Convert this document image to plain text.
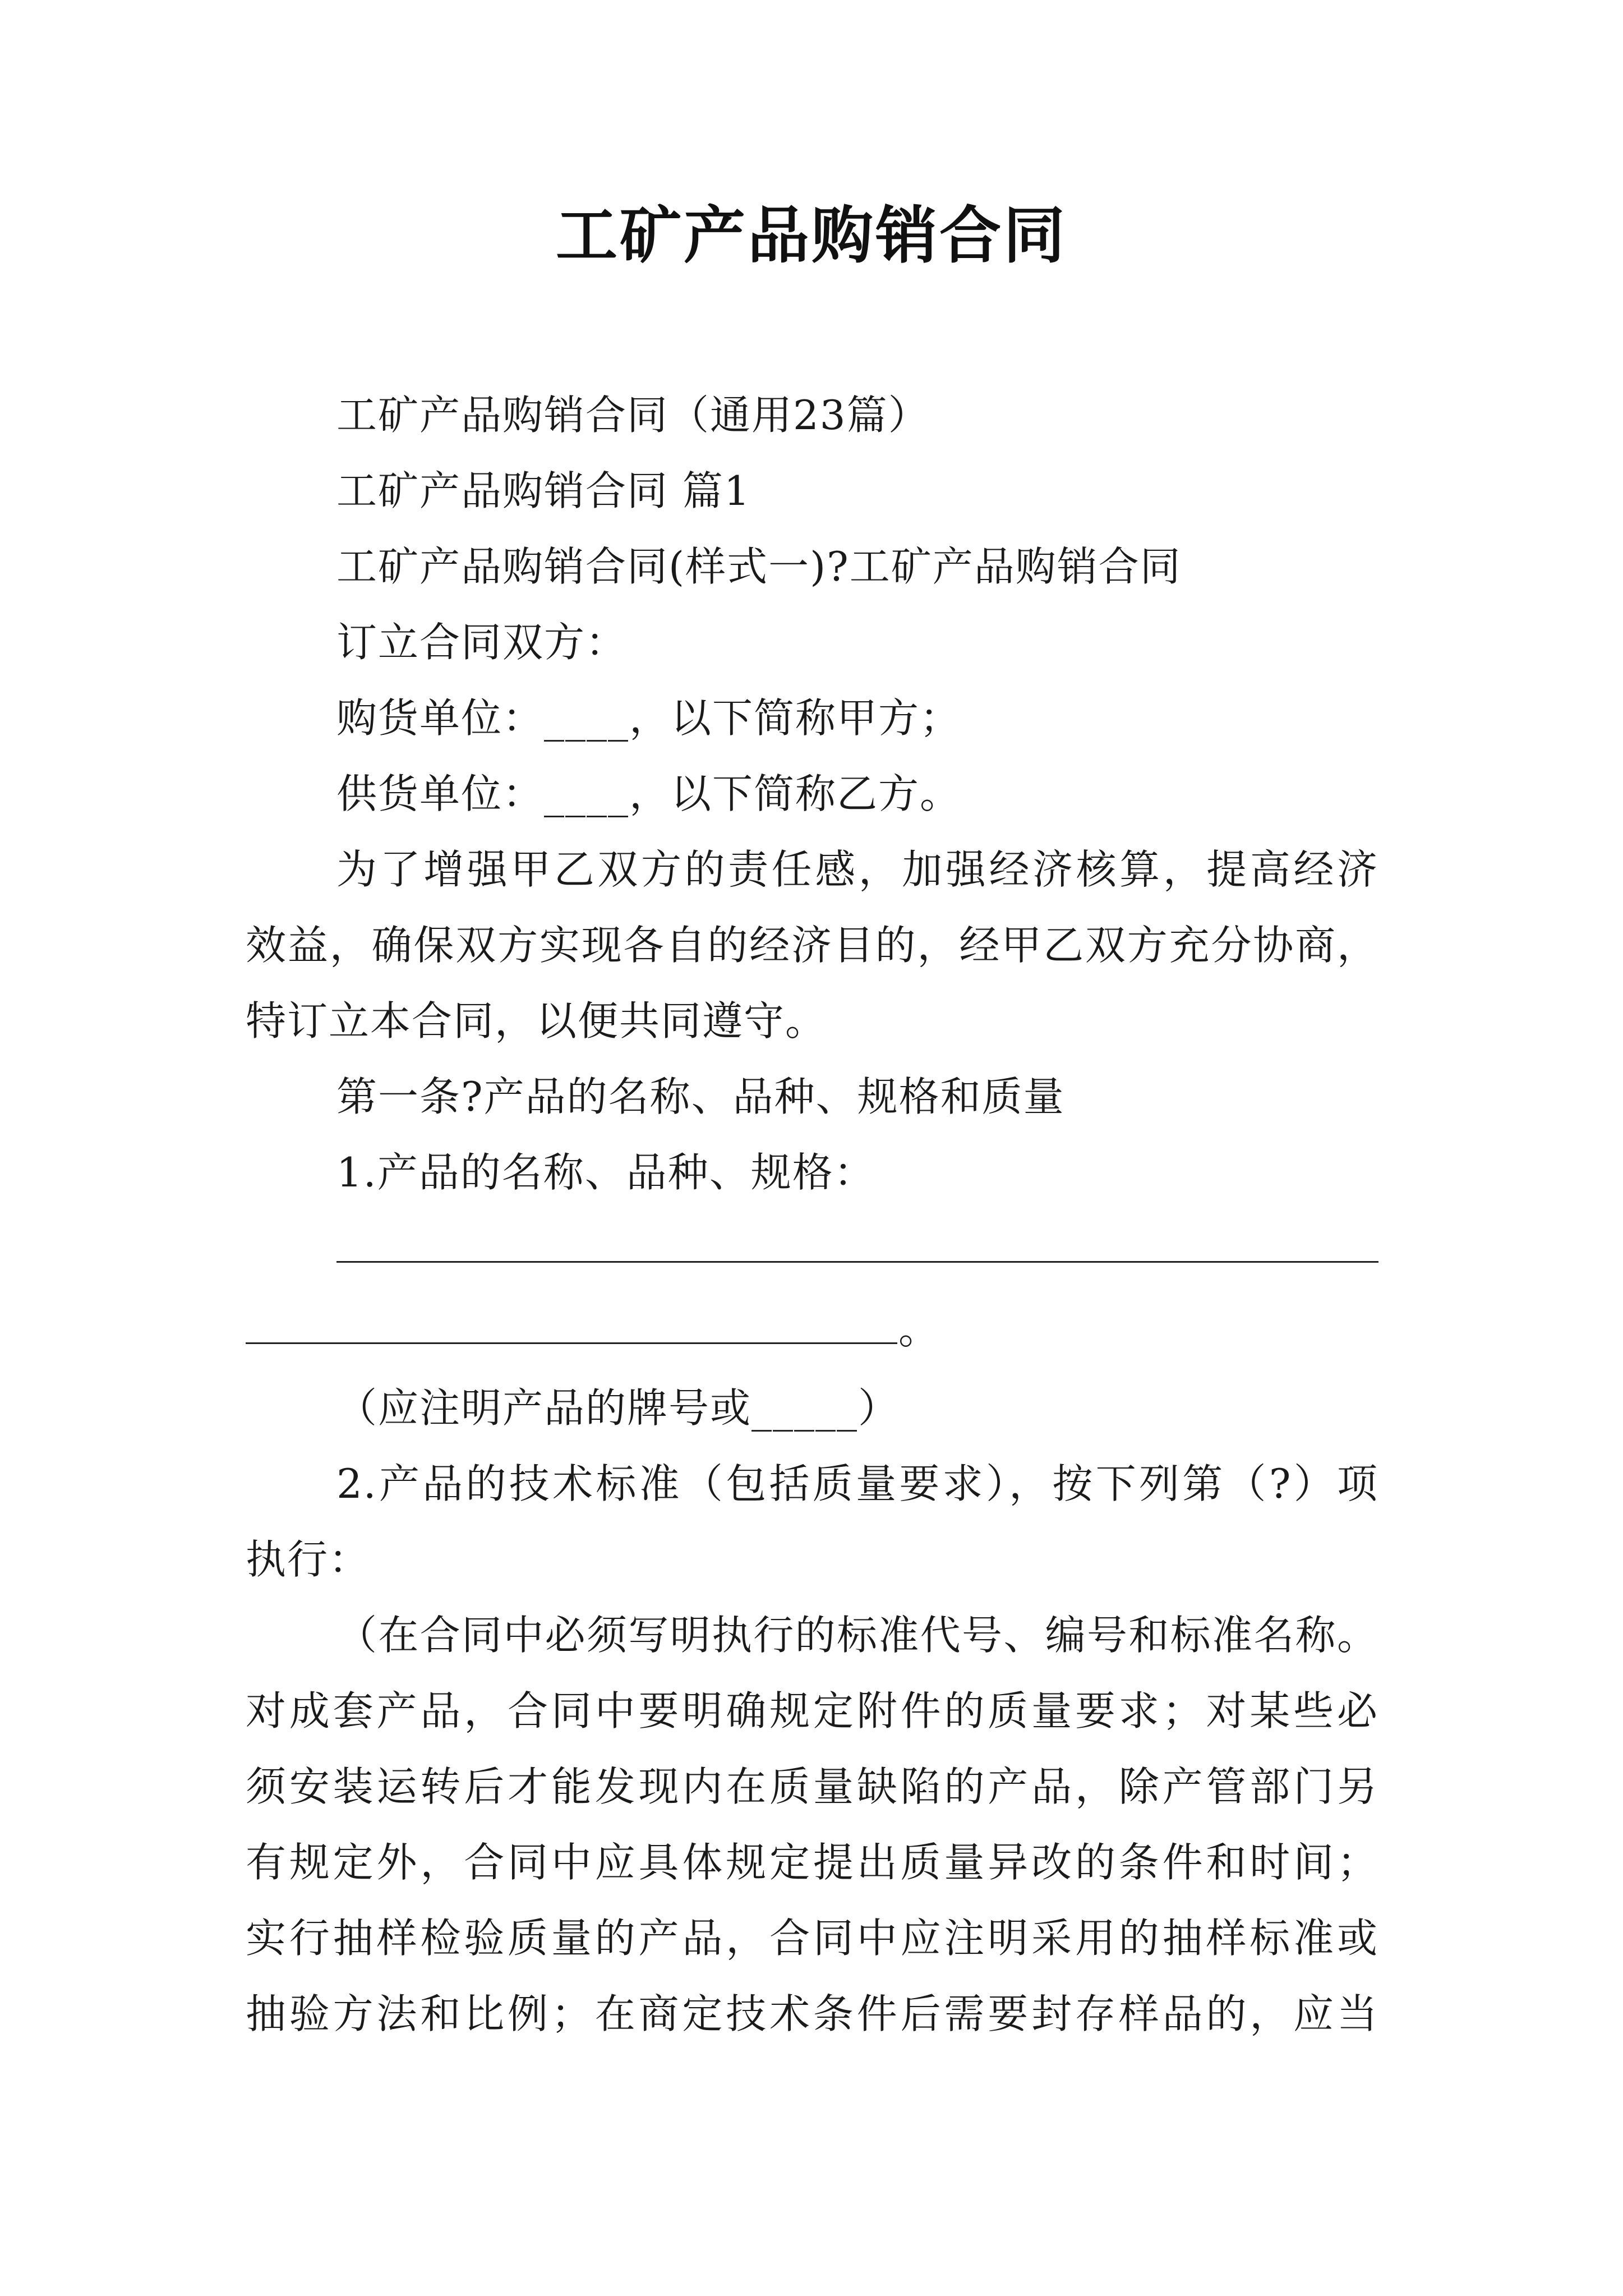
工矿产品购销合同
工矿产品购销合同（通用23篇）
工矿产品购销合同 篇1
工矿产品购销合同(样式一)?工矿产品购销合同
订立合同双方：
购货单位：____，以下简称甲方；
供货单位：____，以下简称乙方。
为了增强甲乙双方的责任感，加强经济核算，提高经济
效益，确保双方实现各自的经济目的，经甲乙双方充分协商，
特订立本合同，以便共同遵守。
第一条?产品的名称、品种、规格和质量
1.产品的名称、品种、规格：
。
（应注明产品的牌号或_____）
2.产品的技术标准（包括质量要求），按下列第（?）项
执行：
（在合同中必须写明执行的标准代号、编号和标准名称。
对成套产品，合同中要明确规定附件的质量要求；对某些必
须安装运转后才能发现内在质量缺陷的产品，除产管部门另
有规定外，合同中应具体规定提出质量异改的条件和时间；
实行抽样检验质量的产品，合同中应注明采用的抽样标准或
抽验方法和比例；在商定技术条件后需要封存样品的，应当
